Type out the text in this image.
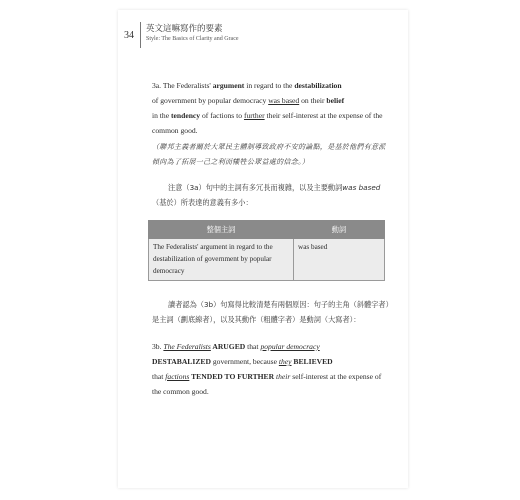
34
英文這嘛寫作的要素
Style: The Basics of Clarity and Grace

3a. The Federalists' argument in regard to the destabilization
of government by popular democracy was based on their belief
in the tendency of factions to further their self-interest at the expense of the common good.

（聯邦主義者關於大眾民主體制導致政府不安的論點，是基於他們有意派傾向為了拓展一己之利而犧牲公眾益處的信念。）

注意（3a）句中的主詞有多冗長而複雜，以及主要動詞was based（基於）所表達的意義有多小：

整個主詞	動詞
The Federalists' argument in regard to the destabilization of government by popular democracy	was based

讀者認為（3b）句寫得比較清楚有兩個原因：句子的主角（斜體字者）是主詞（劃底線者），以及其動作（粗體字者）是動詞（大寫者）：

3b. The Federalists ARUGED that popular democracy
DESTABALIZED government, because they BELIEVED
that factions TENDED TO FURTHER their self-interest at the expense of the common good.
